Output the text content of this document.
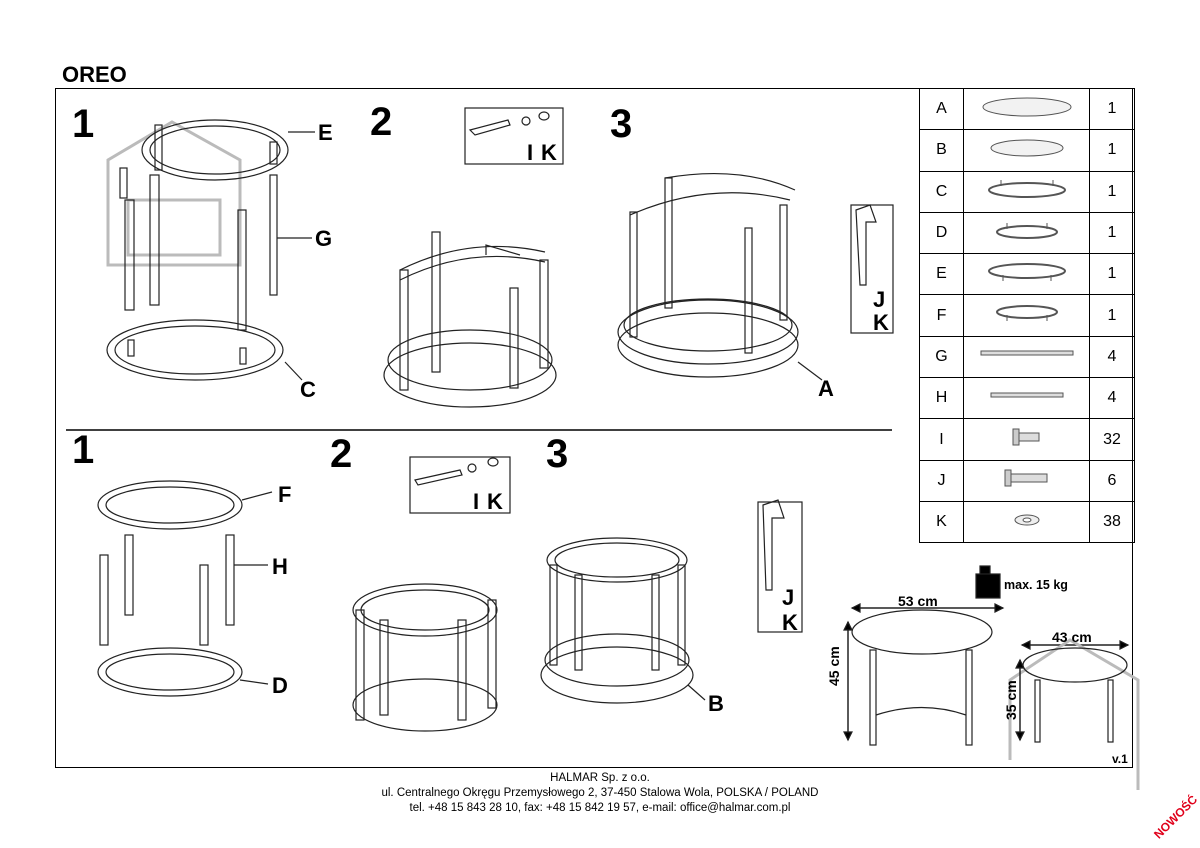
OREO
1	2	3
1	2	3
E
G
C	A
F
H
D
B
I K
I K
J
K
J
K
A		1
B		1
C		1
D		1
E		1
F		1
G		4
H		4
I		32
J		6
K		38
max. 15 kg
53 cm
45 cm
43 cm
35 cm
v.1
NOWOŚĆ
HALMAR Sp. z o.o.
ul. Centralnego Okręgu Przemysłowego 2, 37-450 Stalowa Wola, POLSKA / POLAND
tel. +48 15 843 28 10, fax: +48 15 842 19 57, e-mail: office@halmar.com.pl
